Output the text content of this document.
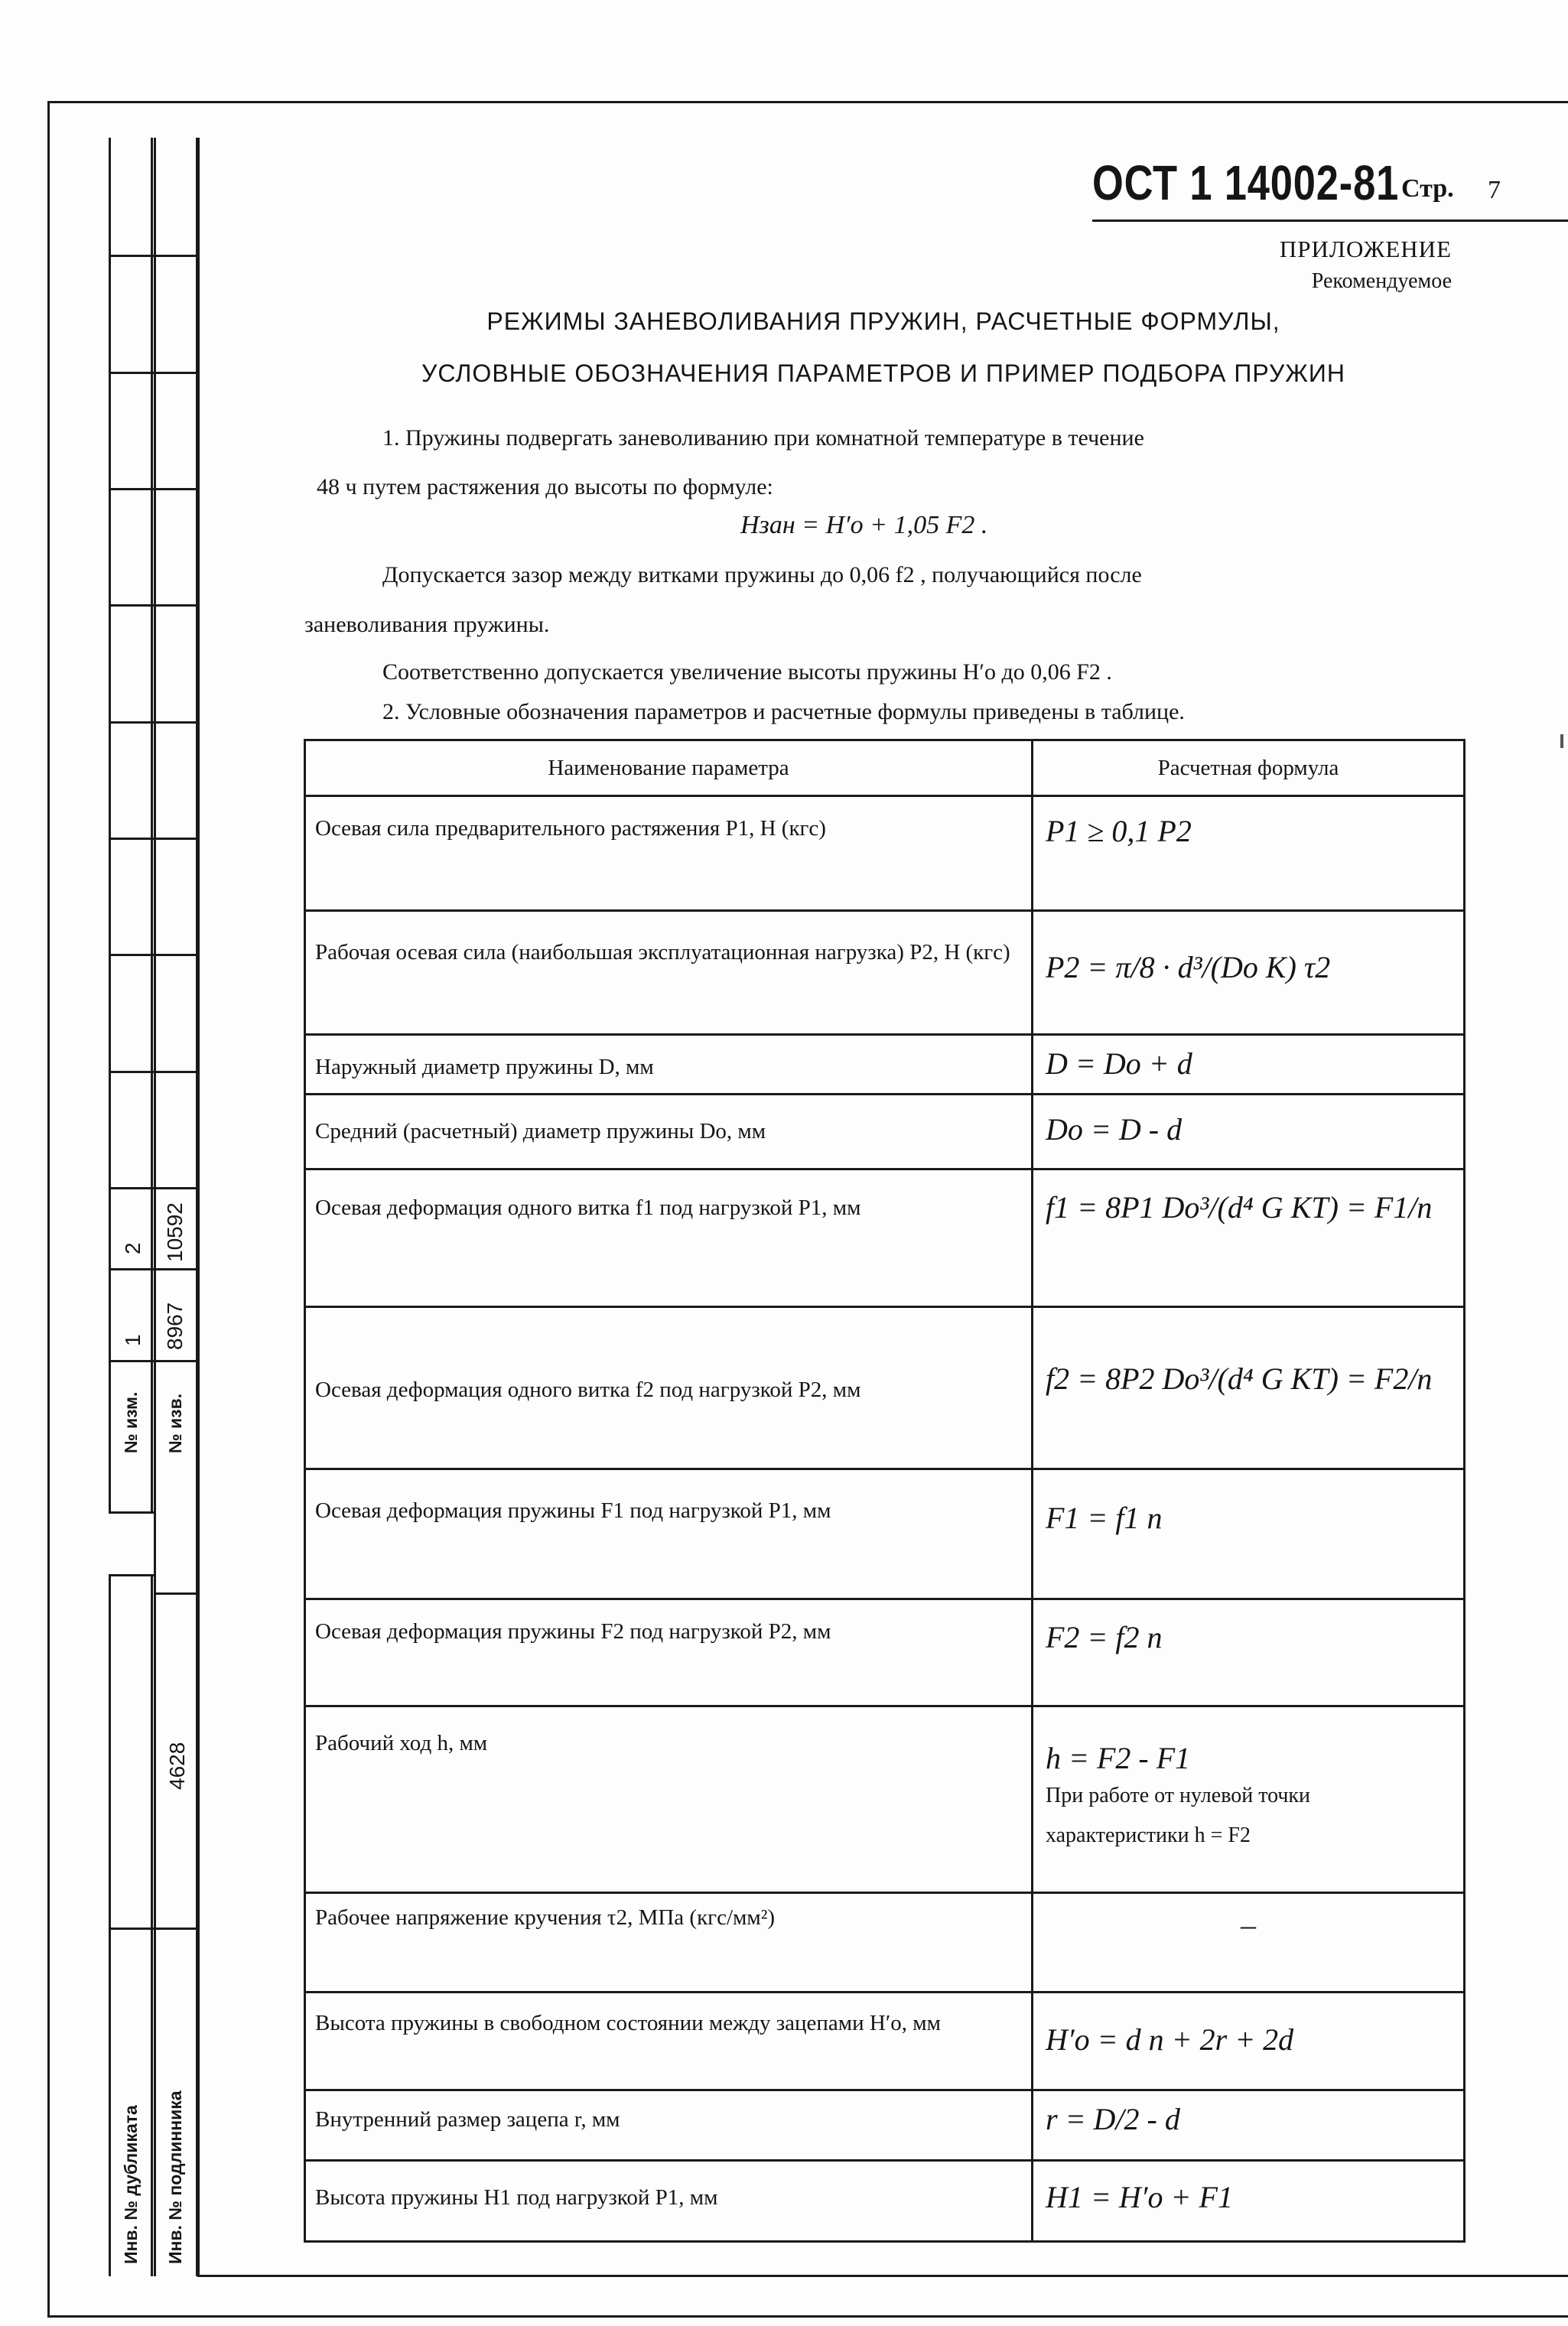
2 10592
1 8967
№ изм. № изв.
4628
Инв. № дубликата Инв. № подлинника
ОСТ 1 14002-81 Стр. 7
ПРИЛОЖЕНИЕ
Рекомендуемое
РЕЖИМЫ ЗАНЕВОЛИВАНИЯ ПРУЖИН, РАСЧЕТНЫЕ ФОРМУЛЫ,
УСЛОВНЫЕ ОБОЗНАЧЕНИЯ ПАРАМЕТРОВ И ПРИМЕР ПОДБОРА ПРУЖИН
1. Пружины подвергать заневоливанию при комнатной температуре в течение
48 ч путем растяжения до высоты по формуле:
Hзан = H′o + 1,05 F2 .
Допускается зазор между витками пружины до 0,06 f2 , получающийся после
заневоливания пружины.
Соответственно допускается увеличение высоты пружины H′o до 0,06 F2 .
2. Условные обозначения параметров и расчетные формулы приведены в таблице.
Наименование параметра	Расчетная формула
Осевая сила предварительного растяжения P1, Н (кгс)	P1 ≥ 0,1 P2
Рабочая осевая сила (наибольшая эксплуатационная нагрузка) P2, Н (кгс)	P2 = π/8 · d³/(Do K) τ2
Наружный диаметр пружины D, мм	D = Do + d
Средний (расчетный) диаметр пружины Do, мм	Do = D - d
Осевая деформация одного витка f1 под нагрузкой P1, мм	f1 = 8P1 Do³/(d⁴ G KT) = F1/n
Осевая деформация одного витка f2 под нагрузкой P2, мм	f2 = 8P2 Do³/(d⁴ G KT) = F2/n
Осевая деформация пружины F1 под нагрузкой P1, мм	F1 = f1 n
Осевая деформация пружины F2 под нагрузкой P2, мм	F2 = f2 n
Рабочий ход h, мм	h = F2 - F1
При работе от нулевой точки характеристики h = F2

Рабочее напряжение кручения τ2, МПа (кгс/мм²)	–
Высота пружины в свободном состоянии между зацепами H′o, мм	H′o = d n + 2r + 2d
Внутренний размер зацепа r, мм	r = D/2 - d
Высота пружины H1 под нагрузкой P1, мм	H1 = H′o + F1
